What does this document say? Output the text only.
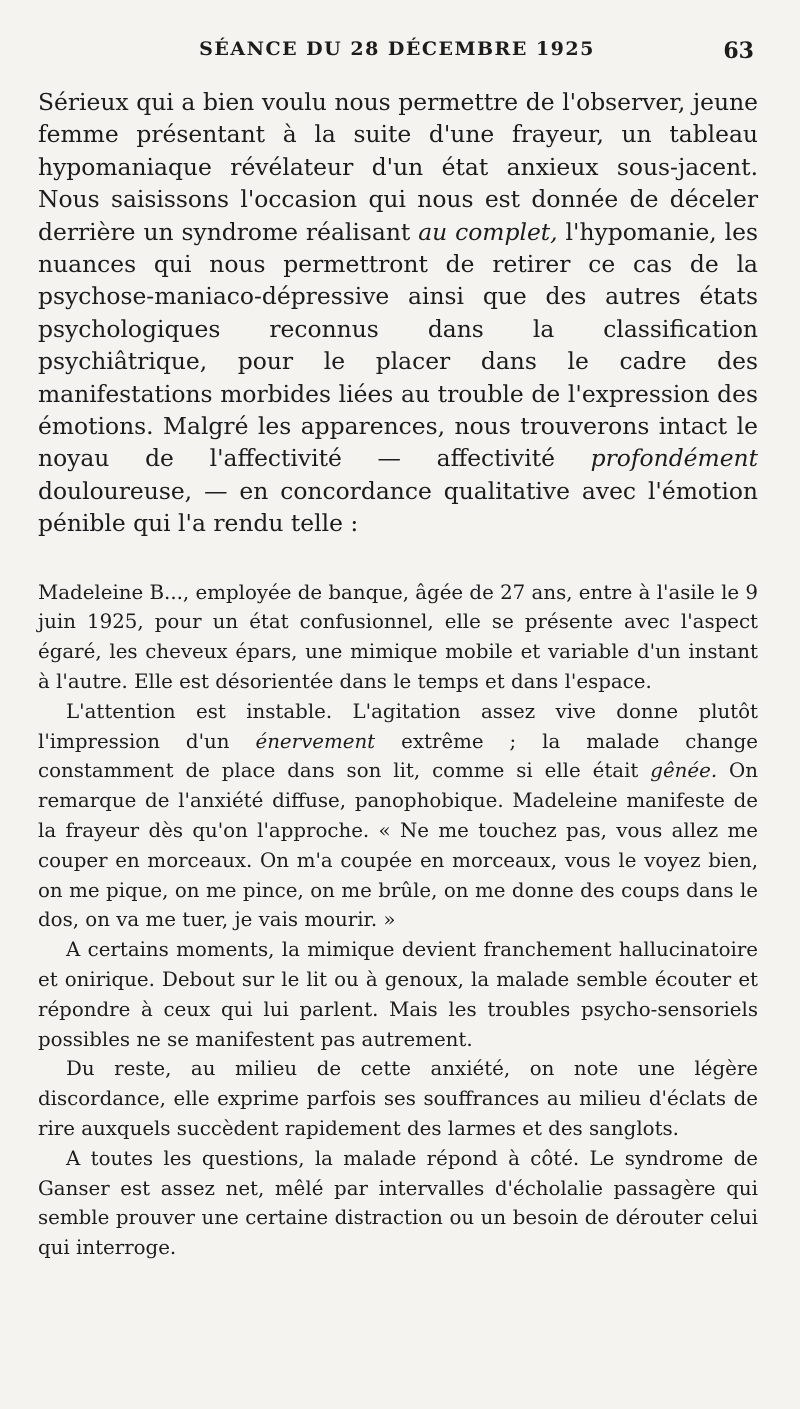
SÉANCE DU 28 DÉCEMBRE 1925	63

Sérieux qui a bien voulu nous permettre de l'observer, jeune femme présentant à la suite d'une frayeur, un tableau hypomaniaque révélateur d'un état anxieux sous-jacent. Nous saisissons l'occasion qui nous est donnée de déceler derrière un syndrome réalisant au complet, l'hypomanie, les nuances qui nous permettront de retirer ce cas de la psychose-maniaco-dépressive ainsi que des autres états psychologiques reconnus dans la classification psychiâtrique, pour le placer dans le cadre des manifestations morbides liées au trouble de l'expression des émotions. Malgré les apparences, nous trouverons intact le noyau de l'affectivité — affectivité profondément douloureuse, — en concordance qualitative avec l'émotion pénible qui l'a rendu telle :

Madeleine B..., employée de banque, âgée de 27 ans, entre à l'asile le 9 juin 1925, pour un état confusionnel, elle se présente avec l'aspect égaré, les cheveux épars, une mimique mobile et variable d'un instant à l'autre. Elle est désorientée dans le temps et dans l'espace.

L'attention est instable. L'agitation assez vive donne plutôt l'impression d'un énervement extrême ; la malade change constamment de place dans son lit, comme si elle était gênée. On remarque de l'anxiété diffuse, panophobique. Madeleine manifeste de la frayeur dès qu'on l'approche. « Ne me touchez pas, vous allez me couper en morceaux. On m'a coupée en morceaux, vous le voyez bien, on me pique, on me pince, on me brûle, on me donne des coups dans le dos, on va me tuer, je vais mourir. »

A certains moments, la mimique devient franchement hallucinatoire et onirique. Debout sur le lit ou à genoux, la malade semble écouter et répondre à ceux qui lui parlent. Mais les troubles psycho-sensoriels possibles ne se manifestent pas autrement.

Du reste, au milieu de cette anxiété, on note une légère discordance, elle exprime parfois ses souffrances au milieu d'éclats de rire auxquels succèdent rapidement des larmes et des sanglots.

A toutes les questions, la malade répond à côté. Le syndrome de Ganser est assez net, mêlé par intervalles d'écholalie passagère qui semble prouver une certaine distraction ou un besoin de dérouter celui qui interroge.
